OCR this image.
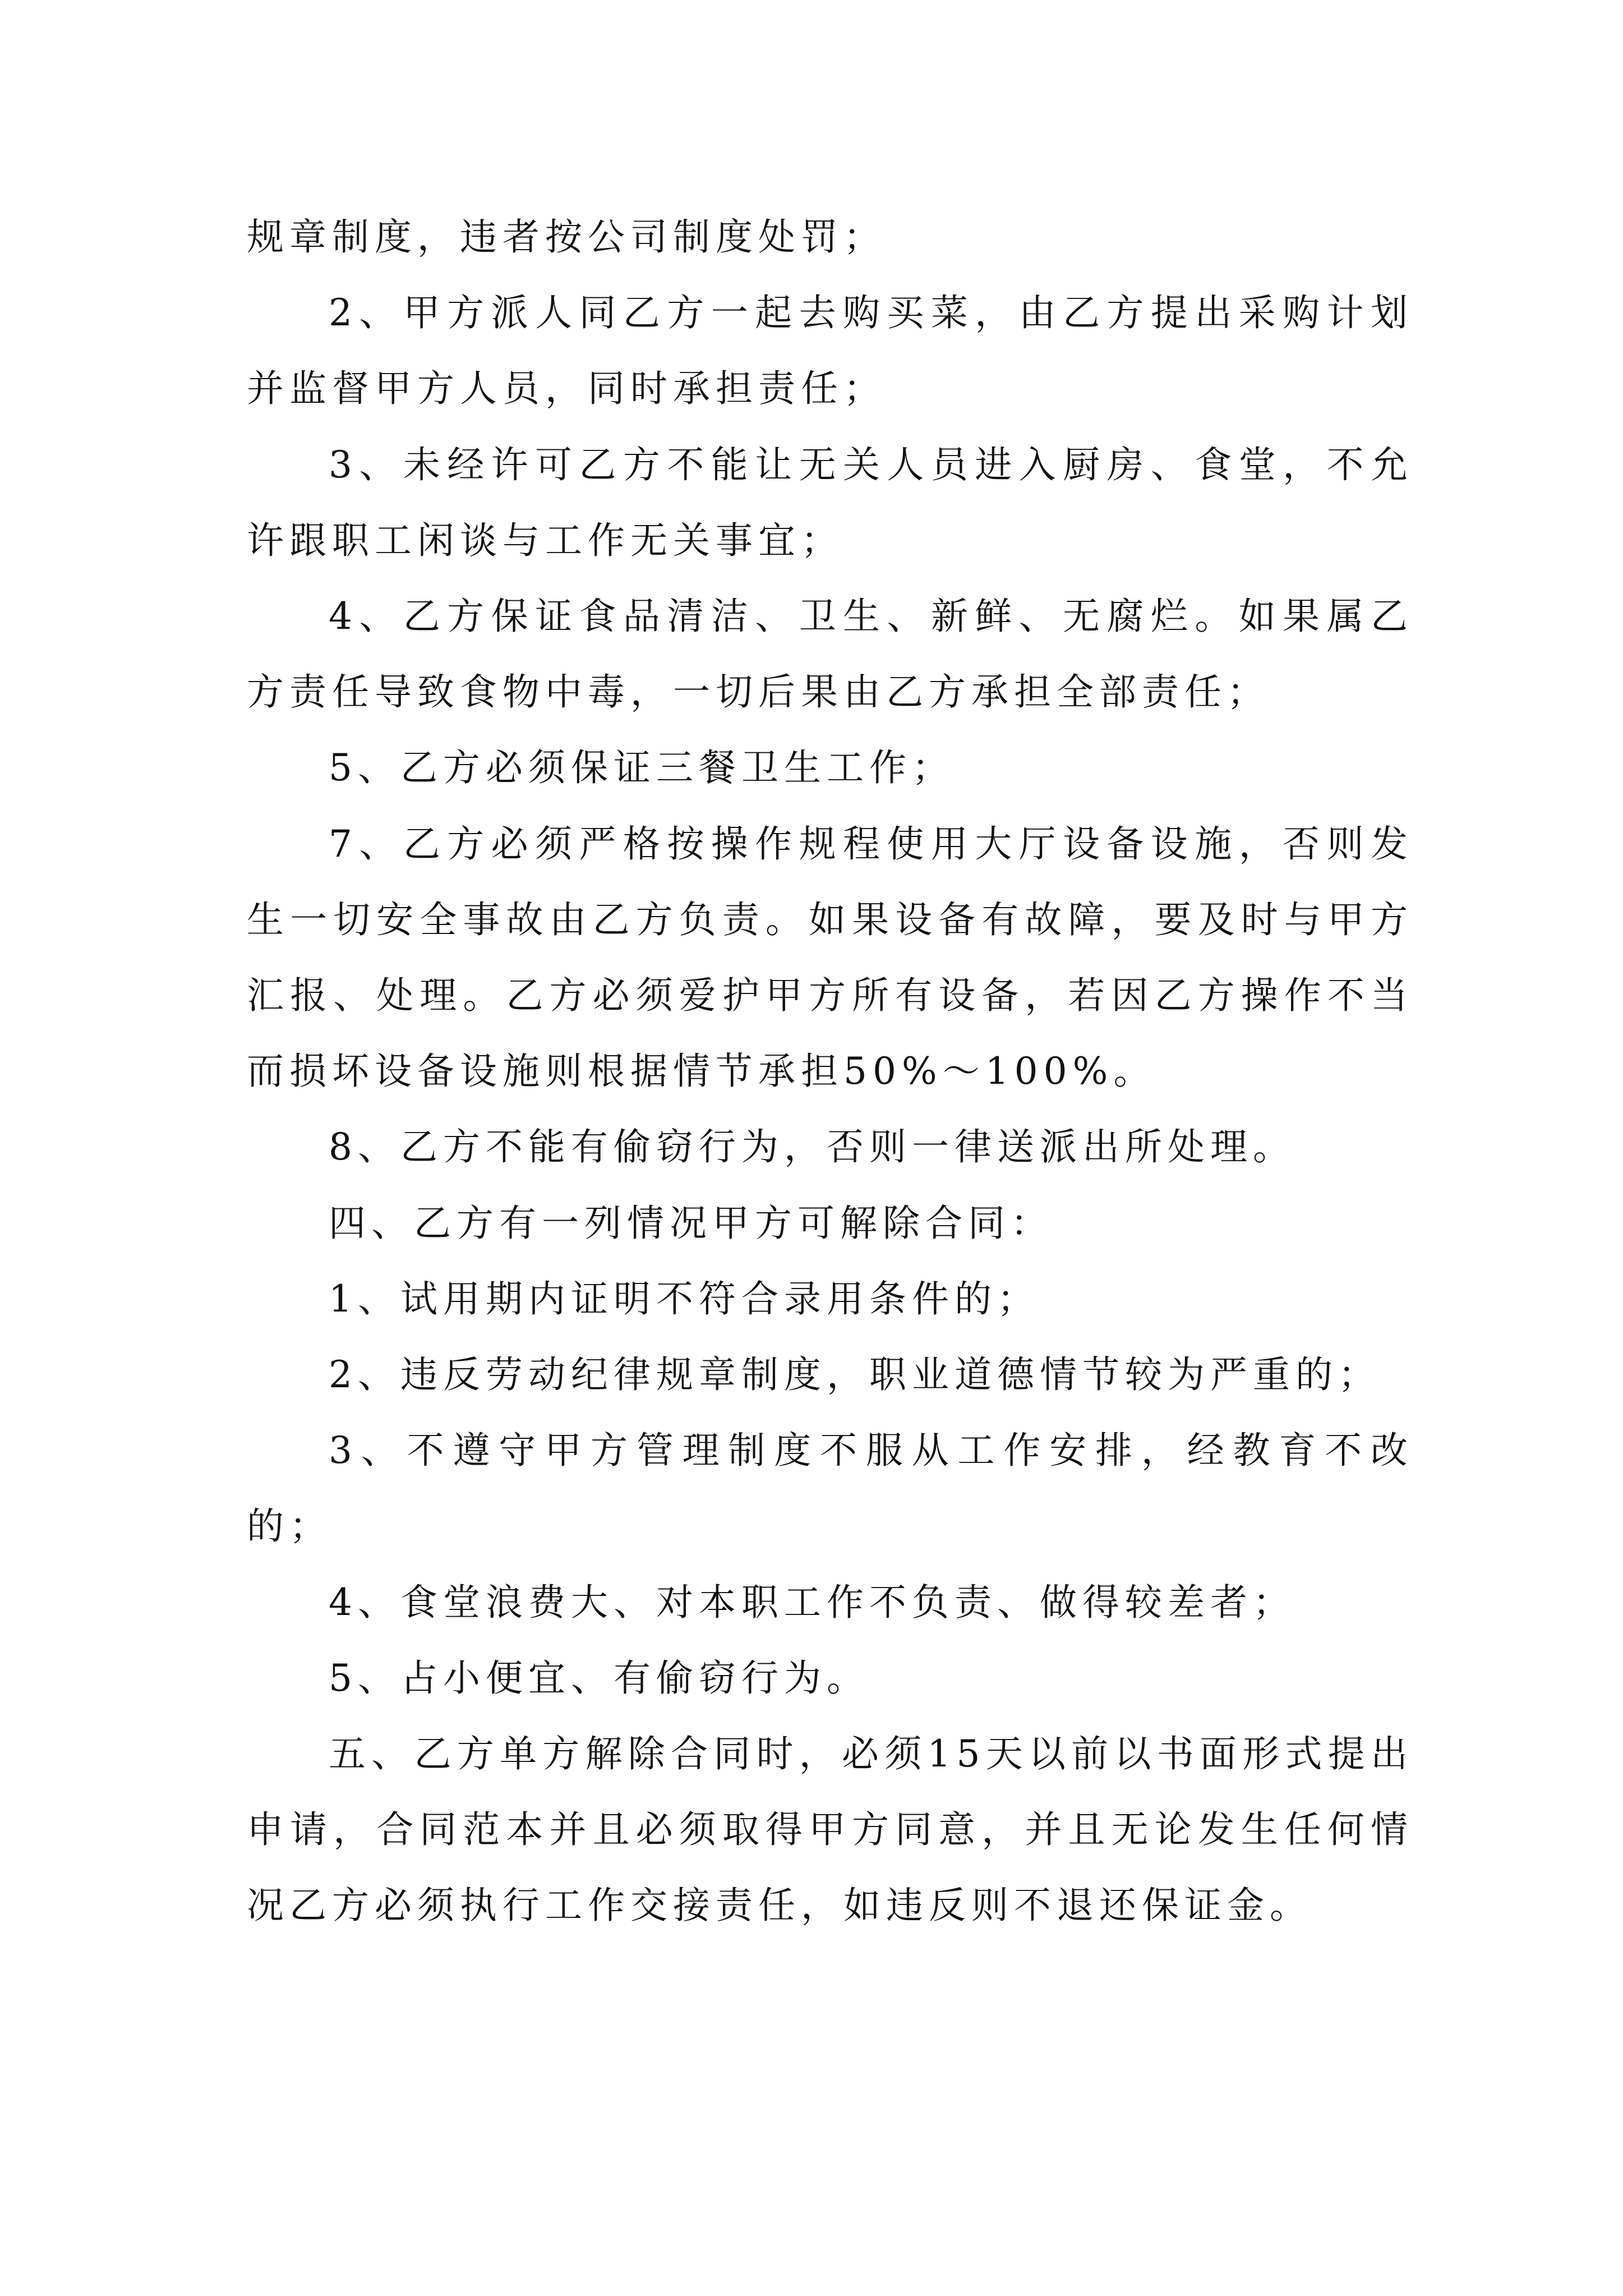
规章制度，违者按公司制度处罚；

2、甲方派人同乙方一起去购买菜，由乙方提出采购计划并监督甲方人员，同时承担责任；

3、未经许可乙方不能让无关人员进入厨房、食堂，不允许跟职工闲谈与工作无关事宜；

4、乙方保证食品清洁、卫生、新鲜、无腐烂。如果属乙方责任导致食物中毒，一切后果由乙方承担全部责任；

5、乙方必须保证三餐卫生工作；

7、乙方必须严格按操作规程使用大厅设备设施，否则发生一切安全事故由乙方负责。如果设备有故障，要及时与甲方汇报、处理。乙方必须爱护甲方所有设备，若因乙方操作不当而损坏设备设施则根据情节承担50%～100%。

8、乙方不能有偷窃行为，否则一律送派出所处理。

四、乙方有一列情况甲方可解除合同：

1、试用期内证明不符合录用条件的；

2、违反劳动纪律规章制度，职业道德情节较为严重的；

3、不遵守甲方管理制度不服从工作安排，经教育不改的；

4、食堂浪费大、对本职工作不负责、做得较差者；

5、占小便宜、有偷窃行为。

五、乙方单方解除合同时，必须15天以前以书面形式提出申请，合同范本并且必须取得甲方同意，并且无论发生任何情况乙方必须执行工作交接责任，如违反则不退还保证金。
